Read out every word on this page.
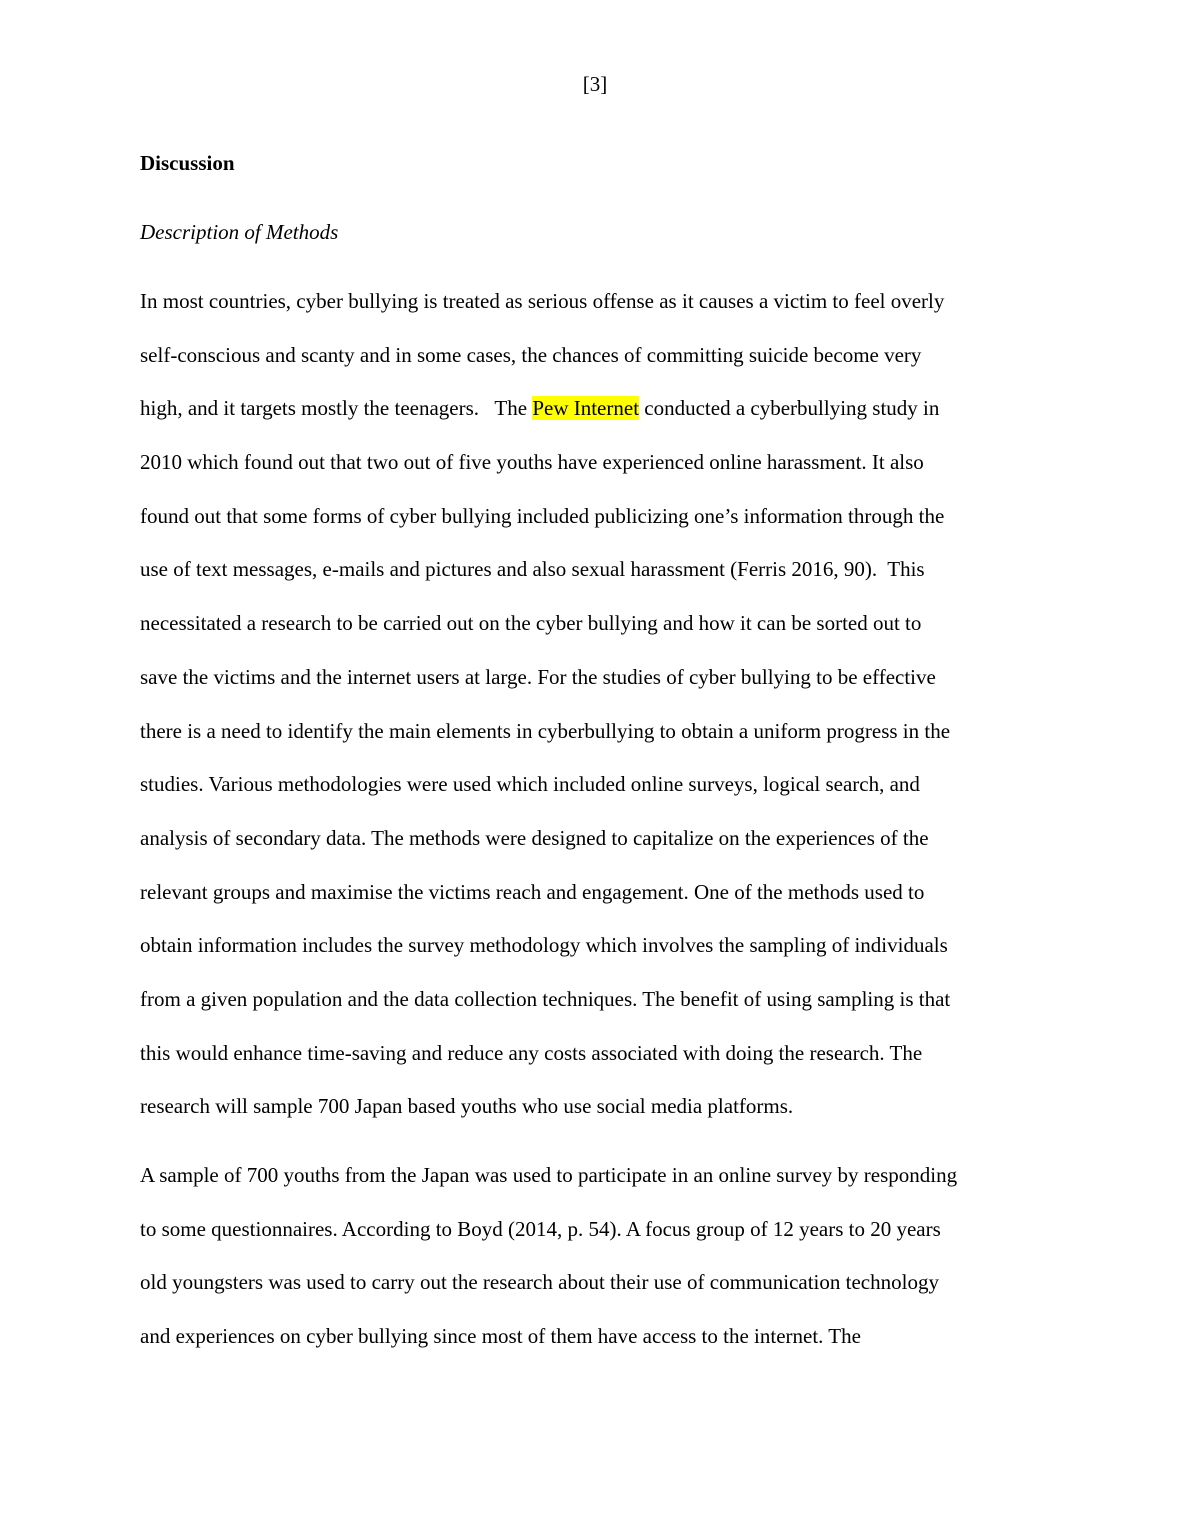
[3]
Discussion
Description of Methods
In most countries, cyber bullying is treated as serious offense as it causes a victim to feel overly
self-conscious and scanty and in some cases, the chances of committing suicide become very
high, and it targets mostly the teenagers.   The Pew Internet conducted a cyberbullying study in
2010 which found out that two out of five youths have experienced online harassment. It also
found out that some forms of cyber bullying included publicizing one’s information through the
use of text messages, e-mails and pictures and also sexual harassment (Ferris 2016, 90).  This
necessitated a research to be carried out on the cyber bullying and how it can be sorted out to
save the victims and the internet users at large. For the studies of cyber bullying to be effective
there is a need to identify the main elements in cyberbullying to obtain a uniform progress in the
studies. Various methodologies were used which included online surveys, logical search, and
analysis of secondary data. The methods were designed to capitalize on the experiences of the
relevant groups and maximise the victims reach and engagement. One of the methods used to
obtain information includes the survey methodology which involves the sampling of individuals
from a given population and the data collection techniques. The benefit of using sampling is that
this would enhance time-saving and reduce any costs associated with doing the research. The
research will sample 700 Japan based youths who use social media platforms.
A sample of 700 youths from the Japan was used to participate in an online survey by responding
to some questionnaires. According to Boyd (2014, p. 54). A focus group of 12 years to 20 years
old youngsters was used to carry out the research about their use of communication technology
and experiences on cyber bullying since most of them have access to the internet. The
